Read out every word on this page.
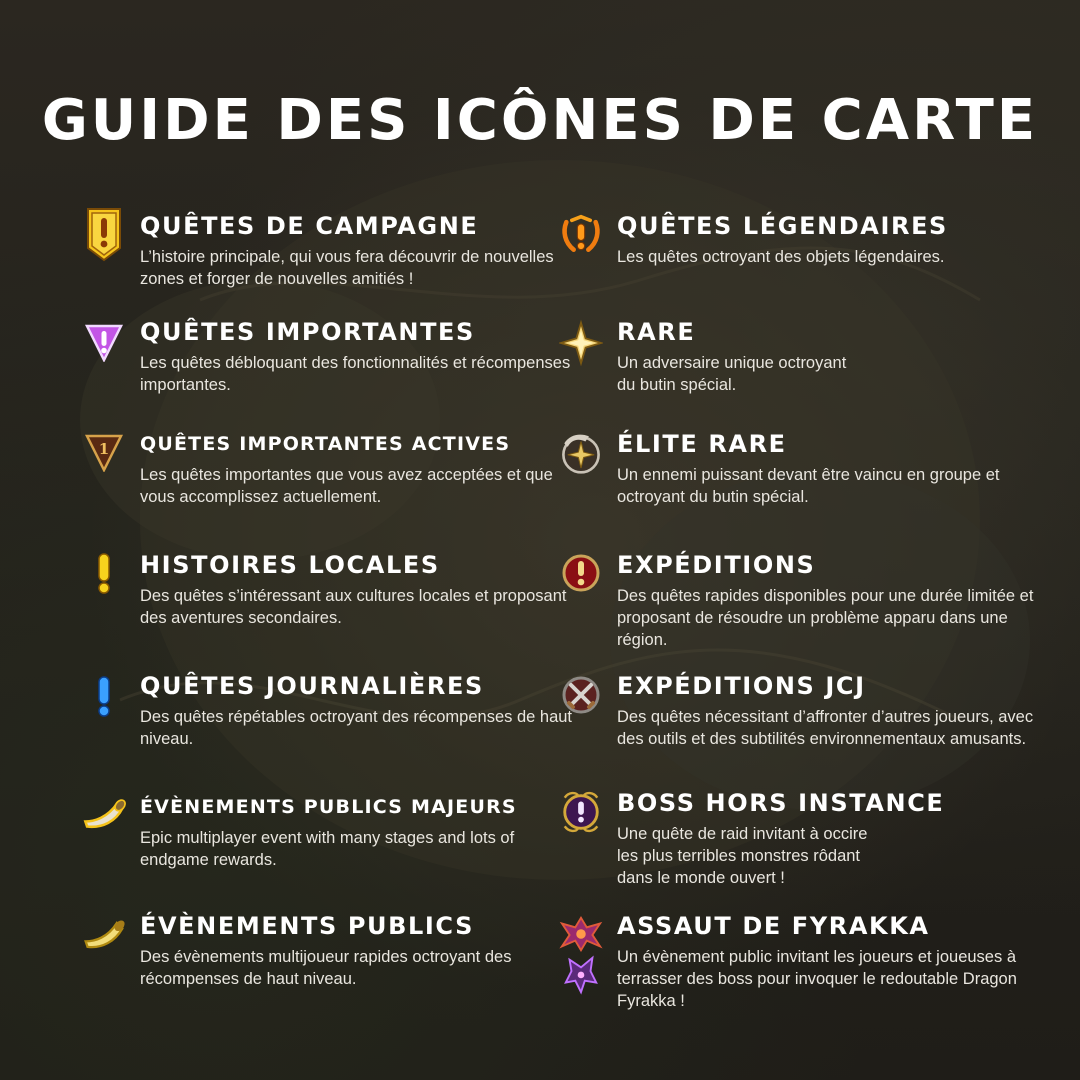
GUIDE DES ICÔNES DE CARTE
QUÊTES DE CAMPAGNE
L’histoire principale, qui vous fera découvrir de nouvelles zones et forger de nouvelles amitiés !
QUÊTES IMPORTANTES
Les quêtes débloquant des fonctionnalités et récompenses importantes.
1 QUÊTES IMPORTANTES ACTIVES
Les quêtes importantes que vous avez acceptées et que vous accomplissez actuellement.
HISTOIRES LOCALES
Des quêtes s’intéressant aux cultures locales et proposant des aventures secondaires.
QUÊTES JOURNALIÈRES
Des quêtes répétables octroyant des récompenses de haut niveau.
ÉVÈNEMENTS PUBLICS MAJEURS
Epic multiplayer event with many stages and lots of endgame rewards.
ÉVÈNEMENTS PUBLICS
Des évènements multijoueur rapides octroyant des récompenses de haut niveau.
QUÊTES LÉGENDAIRES
Les quêtes octroyant des objets légendaires.
RARE
Un adversaire unique octroyant
du butin spécial.
ÉLITE RARE
Un ennemi puissant devant être vaincu en groupe et octroyant du butin spécial.
EXPÉDITIONS
Des quêtes rapides disponibles pour une durée limitée et proposant de résoudre un problème apparu dans une région.
EXPÉDITIONS JCJ
Des quêtes nécessitant d’affronter d’autres joueurs, avec des outils et des subtilités environnementaux amusants.
BOSS HORS INSTANCE
Une quête de raid invitant à occire
les plus terribles monstres rôdant
dans le monde ouvert !
ASSAUT DE FYRAKKA
Un évènement public invitant les joueurs et joueuses à terrasser des boss pour invoquer le redoutable Dragon Fyrakka !
